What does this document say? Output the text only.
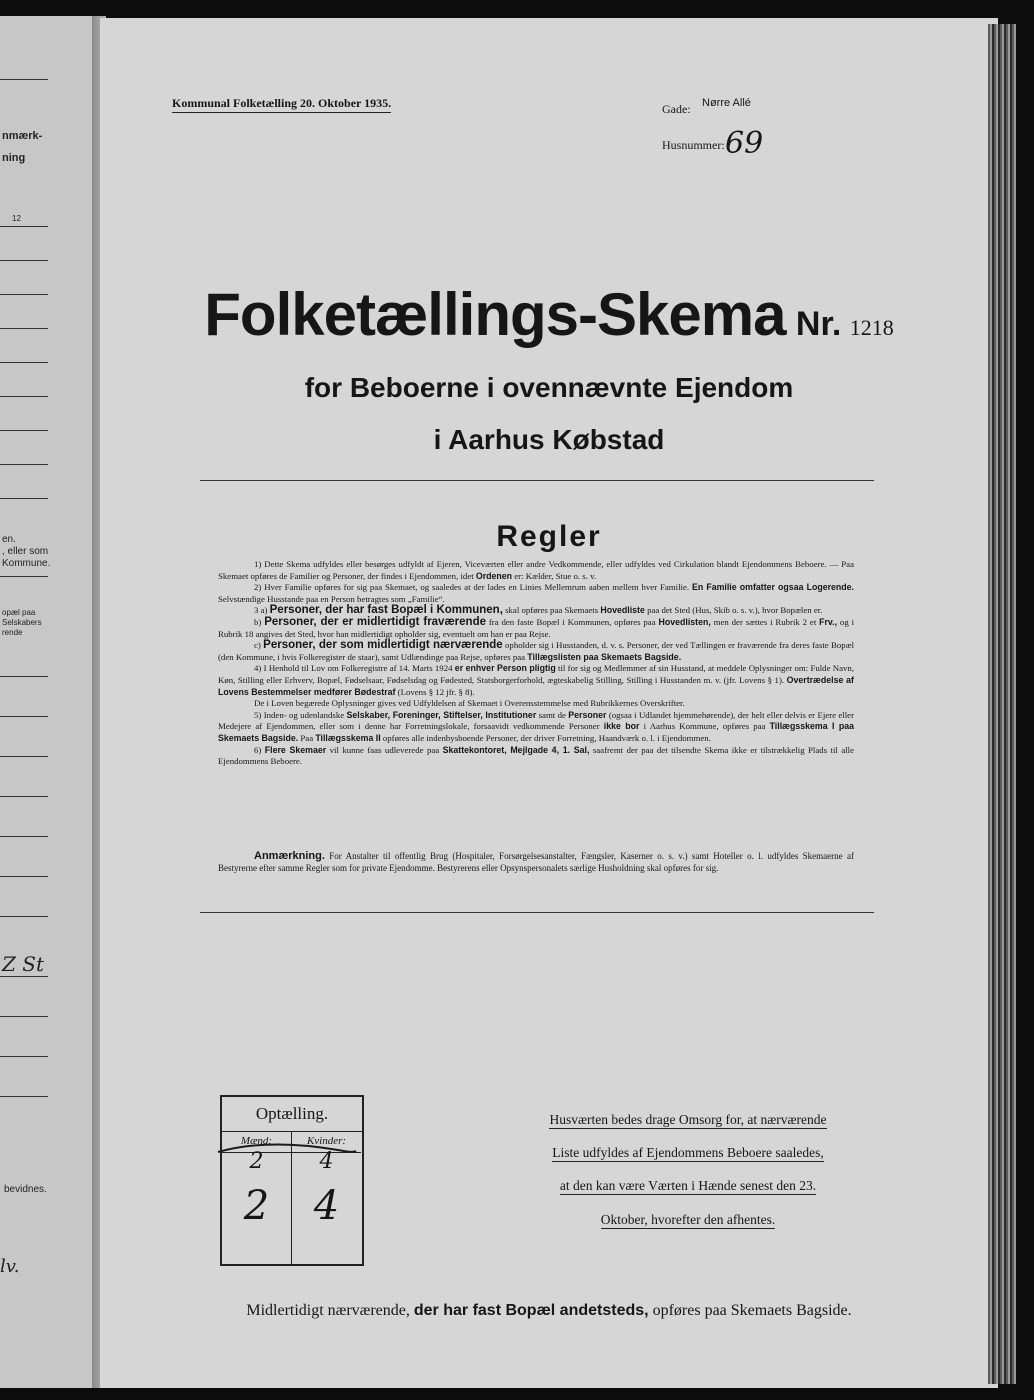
nmærk-
ning
12
en.
, eller som
Kommune.
opæl paa
Selskabers
rende
Z St
bevidnes.
lv.
Kommunal Folketælling 20. Oktober 1935.	Gade: Nørre Allé
Husnummer: 69
Folketællings-Skema Nr. 1218
for Beboerne i ovennævnte Ejendom
i Aarhus Købstad
Regler

1) Dette Skema udfyldes eller besørges udfyldt af Ejeren, Viceværten eller andre Vedkommende, eller udfyldes ved Cirkulation blandt Ejendommens Beboere. — Paa Skemaet opføres de Familier og Personer, der findes i Ejendommen, idet Ordenen er: Kælder, Stue o. s. v.

2) Hver Familie opføres for sig paa Skemaet, og saaledes at der lades en Linies Mellemrum aaben mellem hver Familie. En Familie omfatter ogsaa Logerende. Selvstændige Husstande paa en Person betragtes som „Familie“.

3 a) Personer, der har fast Bopæl i Kommunen, skal opføres paa Skemaets Hovedliste paa det Sted (Hus, Skib o. s. v.), hvor Bopælen er.

b) Personer, der er midlertidigt fraværende fra den faste Bopæl i Kommunen, opføres paa Hovedlisten, men der sættes i Rubrik 2 et Frv., og i Rubrik 18 angives det Sted, hvor han midlertidigt opholder sig, eventuelt om han er paa Rejse.

c) Personer, der som midlertidigt nærværende opholder sig i Husstanden, d. v. s. Personer, der ved Tællingen er fraværende fra deres faste Bopæl (den Kommune, i hvis Folkeregister de staar), samt Udlændinge paa Rejse, opføres paa Tillægslisten paa Skemaets Bagside.

4) I Henhold til Lov om Folkeregistre af 14. Marts 1924 er enhver Person pligtig til for sig og Medlemmer af sin Husstand, at meddele Oplysninger om: Fulde Navn, Køn, Stilling eller Erhverv, Bopæl, Fødselsaar, Fødselsdag og Fødested, Statsborgerforhold, ægteskabelig Stilling, Stilling i Husstanden m. v. (jfr. Lovens § 1). Overtrædelse af Lovens Bestemmelser medfører Bødestraf (Lovens § 12 jfr. § 8).

De i Loven begærede Oplysninger gives ved Udfyldelsen af Skemaet i Overensstemmelse med Rubrikkernes Overskrifter.

5) Inden- og udenlandske Selskaber, Foreninger, Stiftelser, Institutioner samt de Personer (ogsaa i Udlandet hjemmehørende), der helt eller delvis er Ejere eller Medejere af Ejendommen, eller som i denne har Forretningslokale, forsaavidt vedkommende Personer ikke bor i Aarhus Kommune, opføres paa Tillægsskema I paa Skemaets Bagside. Paa Tillægsskema II opføres alle indenbysboende Personer, der driver Forretning, Haandværk o. l. i Ejendommen.

6) Flere Skemaer vil kunne faas udleverede paa Skattekontoret, Mejlgade 4, 1. Sal, saafremt der paa det tilsendte Skema ikke er tilstrækkelig Plads til alle Ejendommens Beboere.

Anmærkning. For Anstalter til offentlig Brug (Hospitaler, Forsørgelsesanstalter, Fængsler, Kaserner o. s. v.) samt Hoteller o. l. udfyldes Skemaerne af Bestyrerne efter samme Regler som for private Ejendomme. Bestyrerens eller Opsynspersonalets særlige Husholdning skal opføres for sig.

Optælling.
Mænd:
2
2
Kvinder:
4
4
Husværten bedes drage Omsorg for, at nærværende
Liste udfyldes af Ejendommens Beboere saaledes,
at den kan være Værten i Hænde senest den 23.
Oktober, hvorefter den afhentes.
Midlertidigt nærværende, der har fast Bopæl andetsteds, opføres paa Skemaets Bagside.
